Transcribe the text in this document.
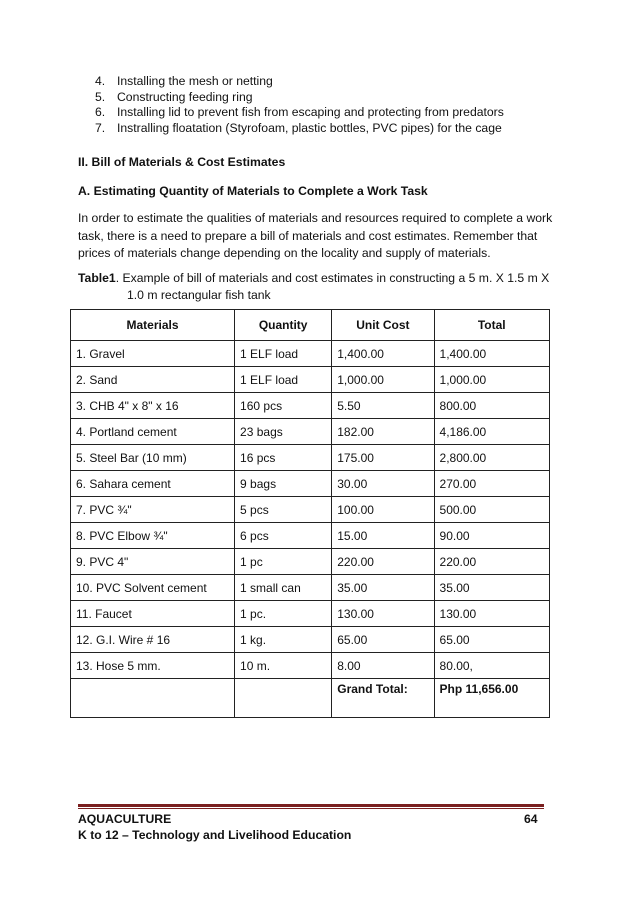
4. Installing the mesh or netting
5. Constructing feeding ring
6. Installing lid to prevent fish from escaping and protecting from predators
7. Instralling floatation (Styrofoam, plastic bottles, PVC pipes) for the cage

II. Bill of Materials & Cost Estimates

A. Estimating Quantity of Materials to Complete a Work Task

In order to estimate the qualities of materials and resources required to complete a work task, there is a need to prepare a bill of materials and cost estimates. Remember that prices of materials change depending on the locality and supply of materials.

Table1. Example of bill of materials and cost estimates in constructing a 5 m. X 1.5 m X
1.0 m rectangular fish tank

Materials	Quantity	Unit Cost	Total
1. Gravel	1 ELF load	1,400.00	1,400.00
2. Sand	1 ELF load	1,000.00	1,000.00
3. CHB 4" x 8" x 16	160 pcs	5.50	800.00
4. Portland cement	23 bags	182.00	4,186.00
5. Steel Bar (10 mm)	16 pcs	175.00	2,800.00
6. Sahara cement	9 bags	30.00	270.00
7. PVC ¾"	5 pcs	100.00	500.00
8. PVC Elbow ¾"	6 pcs	15.00	90.00
9. PVC 4"	1 pc	220.00	220.00
10. PVC Solvent cement	1 small can	35.00	35.00
11. Faucet	1 pc.	130.00	130.00
12. G.I. Wire # 16	1 kg.	65.00	65.00
13. Hose 5 mm.	10 m.	8.00	80.00,
		Grand Total:	Php 11,656.00

AQUACULTURE	64

K to 12 – Technology and Livelihood Education
